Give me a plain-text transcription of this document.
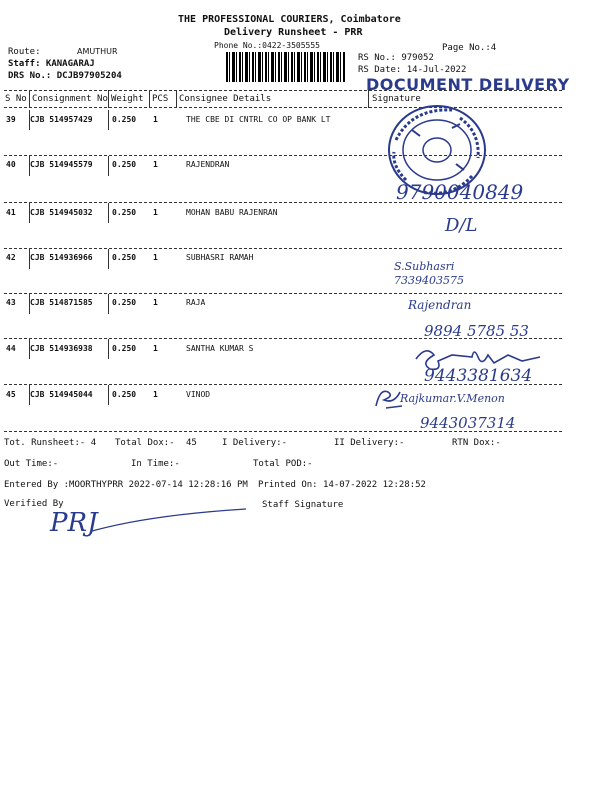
THE PROFESSIONAL COURIERS, Coimbatore
Delivery Runsheet - PRR
Phone No.:0422-3505555	Page No.:4
RS No.: 979052
RS Date: 14-Jul-2022
Route:	AMUTHUR
Staff: KANAGARAJ
DRS No.: DCJB97905204	DOCUMENT DELIVERY
S No Consignment No Weight PCS Consignee Details	Signature
39 CJB 514957429 0.250 1	THE CBE DI CNTRL CO OP BANK LT
40 CJB 514945579 0.250 1	RAJENDRAN
41 CJB 514945032 0.250 1	MOHAN BABU RAJENRAN
42 CJB 514936966 0.250 1	SUBHASRI RAMAH
43 CJB 514871585 0.250 1	RAJA
44 CJB 514936938 0.250 1	SANTHA KUMAR S
45 CJB 514945044 0.250 1	VINOD
9790040849
D/L
S.Subhasri
7339403575
Rajendran
9894 5785 53
9443381634
Rajkumar.V.Menon
9443037314
Tot. Runsheet:- 4 Total Dox:- 45	I Delivery:-	II Delivery:-	RTN Dox:-
Out Time:-	In Time:-	Total POD:-
Entered By :MOORTHYPRR 2022-07-14 12:28:16 PM Printed On: 14-07-2022 12:28:52
Verified By	Staff Signature
PRJ
